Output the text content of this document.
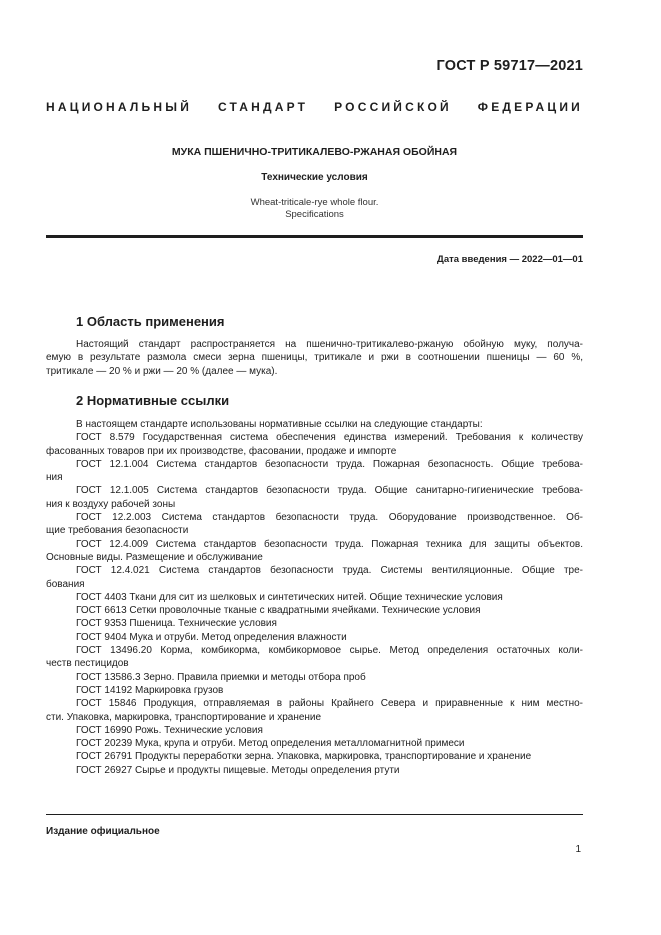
ГОСТ Р 59717—2021
НАЦИОНАЛЬНЫЙ СТАНДАРТ РОССИЙСКОЙ ФЕДЕРАЦИИ
МУКА ПШЕНИЧНО-ТРИТИКАЛЕВО-РЖАНАЯ ОБОЙНАЯ
Технические условия
Wheat-triticale-rye whole flour.
Specifications
Дата введения — 2022—01—01
1 Область применения

Настоящий стандарт распространяется на пшенично-тритикалево-ржаную обойную муку, получа-

емую в результате размола смеси зерна пшеницы, тритикале и ржи в соотношении пшеницы — 60 %,

тритикале — 20 % и ржи — 20 % (далее — мука).

2 Нормативные ссылки

В настоящем стандарте использованы нормативные ссылки на следующие стандарты:

ГОСТ 8.579 Государственная система обеспечения единства измерений. Требования к количеству

фасованных товаров при их производстве, фасовании, продаже и импорте

ГОСТ 12.1.004 Система стандартов безопасности труда. Пожарная безопасность. Общие требова-

ния

ГОСТ 12.1.005 Система стандартов безопасности труда. Общие санитарно-гигиенические требова-

ния к воздуху рабочей зоны

ГОСТ 12.2.003 Система стандартов безопасности труда. Оборудование производственное. Об-

щие требования безопасности

ГОСТ 12.4.009 Система стандартов безопасности труда. Пожарная техника для защиты объектов.

Основные виды. Размещение и обслуживание

ГОСТ 12.4.021 Система стандартов безопасности труда. Системы вентиляционные. Общие тре-

бования

ГОСТ 4403 Ткани для сит из шелковых и синтетических нитей. Общие технические условия

ГОСТ 6613 Сетки проволочные тканые с квадратными ячейками. Технические условия

ГОСТ 9353 Пшеница. Технические условия

ГОСТ 9404 Мука и отруби. Метод определения влажности

ГОСТ 13496.20 Корма, комбикорма, комбикормовое сырье. Метод определения остаточных коли-

честв пестицидов

ГОСТ 13586.3 Зерно. Правила приемки и методы отбора проб

ГОСТ 14192 Маркировка грузов

ГОСТ 15846 Продукция, отправляемая в районы Крайнего Севера и приравненные к ним местно-

сти. Упаковка, маркировка, транспортирование и хранение

ГОСТ 16990 Рожь. Технические условия

ГОСТ 20239 Мука, крупа и отруби. Метод определения металломагнитной примеси

ГОСТ 26791 Продукты переработки зерна. Упаковка, маркировка, транспортирование и хранение

ГОСТ 26927 Сырье и продукты пищевые. Методы определения ртути

Издание официальное
1
